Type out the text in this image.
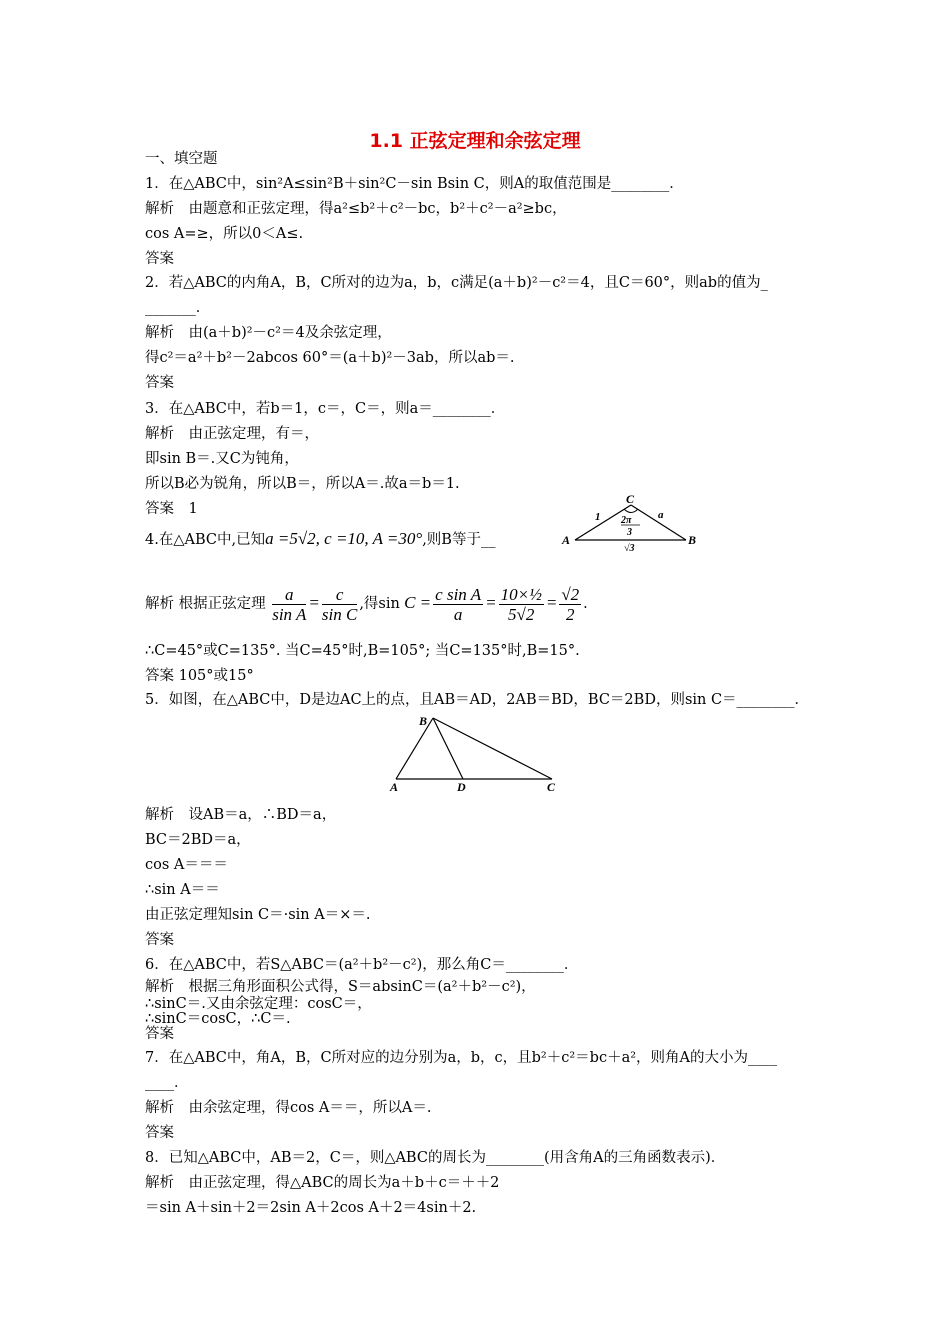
1.1 正弦定理和余弦定理
一、填空题
1．在△ABC中，sin²A≤sin²B＋sin²C－sin Bsin C，则A的取值范围是________．
解析　由题意和正弦定理，得a²≤b²＋c²－bc，b²＋c²－a²≥bc，
cos A=≥，所以0＜A≤.
答案
2．若△ABC的内角A，B，C所对的边为a，b，c满足(a＋b)²－c²＝4，且C＝60°，则ab的值为_
_______．
解析　由(a＋b)²－c²＝4及余弦定理，
得c²＝a²＋b²－2abcos 60°＝(a＋b)²－3ab，所以ab＝.
答案
3．在△ABC中，若b＝1，c＝，C＝，则a＝________．
解析　由正弦定理，有＝，
即sin B＝.又C为钝角，
所以B必为锐角，所以B＝，所以A＝.故a＝b＝1.
答案　1
4.在△ABC中,已知a =5√2, c =10, A =30°,则B等于__
C
A	B
1	a
2π
3
√3
解析 根据正弦定理 $\frac{a}{\text{sin A}} = \frac{c}{\text{sin C}}$ ,得$\sin C = \frac{\text{c sin A}}{a} = \frac{\text{10×½}}{5√2} = \frac{√2}{2}$ .
∴C=45°或C=135°. 当C=45°时,B=105°; 当C=135°时,B=15°.
答案 105°或15°
5．如图，在△ABC中，D是边AC上的点，且AB＝AD，2AB＝BD，BC＝2BD，则sin C＝________．
B
A	D	C
解析　设AB＝a，∴BD＝a，
BC＝2BD＝a，
cos A＝＝＝
∴sin A＝＝
由正弦定理知sin C＝·sin A＝×＝.
答案
6．在△ABC中，若S△ABC＝(a²＋b²－c²)，那么角C＝________．
解析　根据三角形面积公式得，S＝absinC＝(a²＋b²－c²)，
∴sinC＝.又由余弦定理：cosC＝，
∴sinC＝cosC，∴C＝.
答案
7．在△ABC中，角A，B，C所对应的边分别为a，b，c，且b²＋c²＝bc＋a²，则角A的大小为____
____．
解析　由余弦定理，得cos A＝＝，所以A＝.
答案
8．已知△ABC中，AB＝2，C＝，则△ABC的周长为________(用含角A的三角函数表示)．
解析　由正弦定理，得△ABC的周长为a＋b＋c＝＋＋2
＝sin A＋sin＋2＝2sin A＋2cos A＋2＝4sin＋2.
